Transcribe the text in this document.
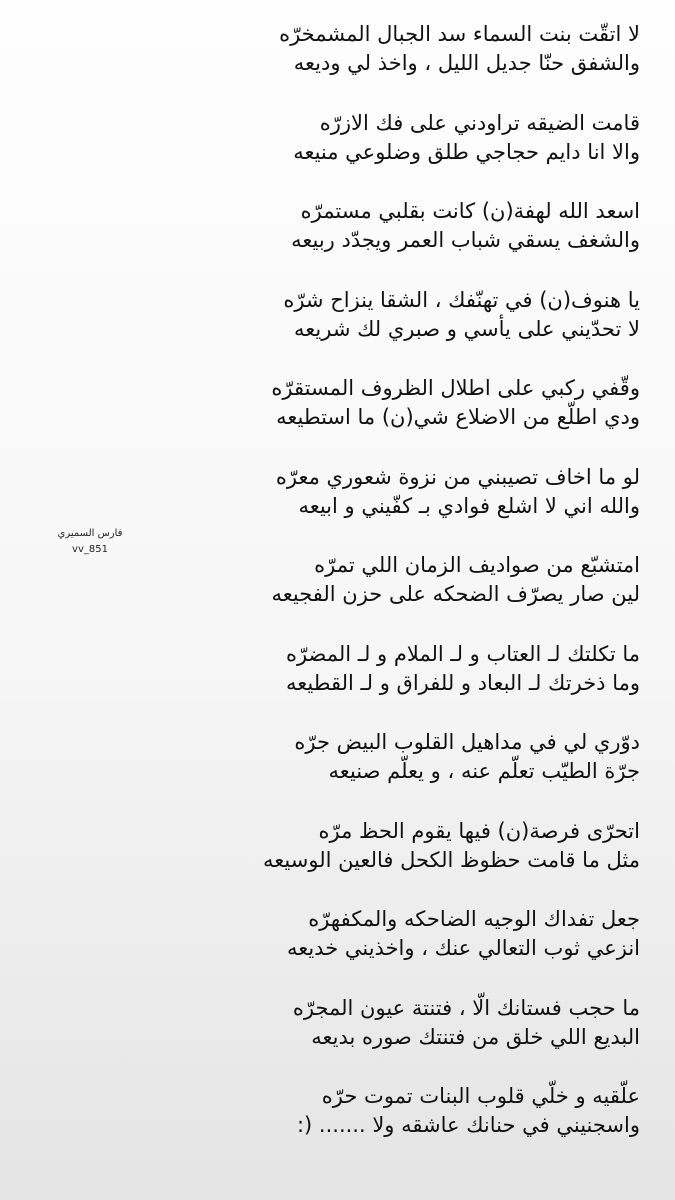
لا اتقّت بنت السماء سد الجبال المشمخرّه
والشفق حنّا جديل الليل ، واخذ لي وديعه
قامت الضيقه تراودني على فك الازرّه
والا انا دايم حجاجي طلق وضلوعي منيعه
اسعد الله لهفة(ن) كانت بقلبي مستمرّه
والشغف يسقي شباب العمر ويجدّد ربيعه
يا هنوف(ن) في تهنّفك ، الشقا ينزاح شرّه
لا تحدّيني على يأسي و صبري لك شريعه
وقّفي ركبي على اطلال الظروف المستقرّه
ودي اطلّع من الاضلاع شي(ن) ما استطيعه
لو ما اخاف تصيبني من نزوة شعوري معرّه
والله اني لا اشلع فوادي بـ كفّيني و ابيعه
امتشبّع من صواديف الزمان اللي تمرّه
لين صار يصرّف الضحكه على حزن الفجيعه
ما تكلتك لـ العتاب و لـ الملام و لـ المضرّه
وما ذخرتك لـ البعاد و للفراق و لـ القطيعه
دوّري لي في مداهيل القلوب البيض جرّه
جرّة الطيّب تعلّم عنه ، و يعلّم صنيعه
اتحرّى فرصة(ن) فيها يقوم الحظ مرّه
مثل ما قامت حظوظ الكحل فالعين الوسيعه
جعل تفداك الوجيه الضاحكه والمكفهرّه
انزعي ثوب التعالي عنك ، واخذيني خديعه
ما حجب فستانك الّا ، فتنتة عيون المجرّه
البديع اللي خلق من فتنتك صوره بديعه
علّقيه و خلّي قلوب البنات تموت حرّه
واسجنيني في حنانك عاشقه ولا ....... (:
فارس السميري
vv_851
